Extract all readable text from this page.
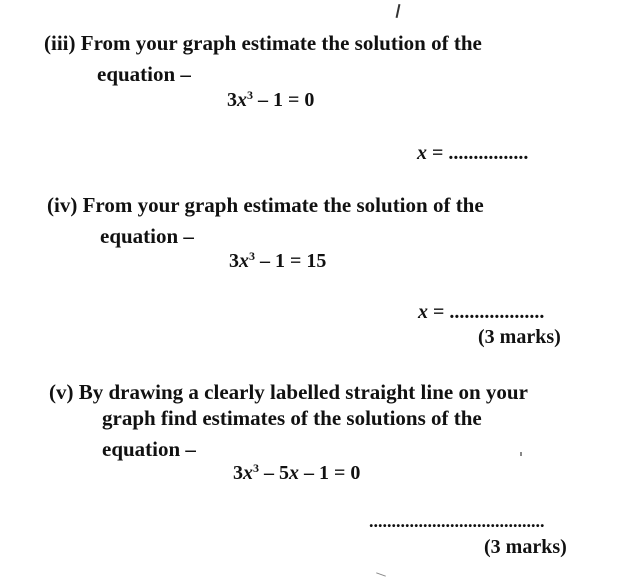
(iii) From your graph estimate the solution of the
equation –
$3x^3 - 1 = 0$
x = ................
(iv) From your graph estimate the solution of the
equation –
$3x^3 - 1 = 15$
x = ...................
(3 marks)
(v) By drawing a clearly labelled straight line on your
graph find estimates of the solutions of the
equation –
$3x^3 - 5x - 1 = 0$
.......................................
(3 marks)
